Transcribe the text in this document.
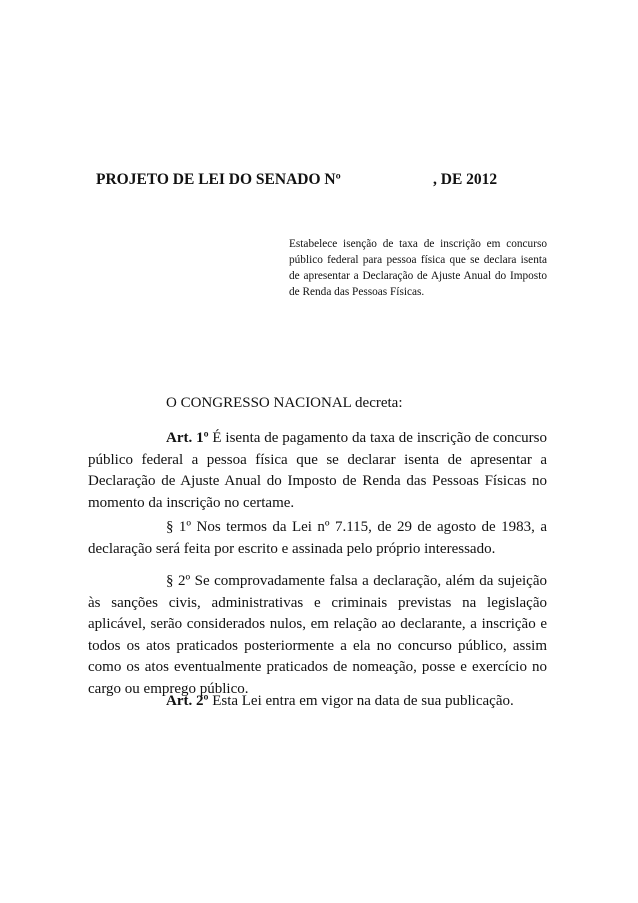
PROJETO DE LEI DO SENADO Nº	, DE 2012
Estabelece isenção de taxa de inscrição em concurso público federal para pessoa física que se declara isenta de apresentar a Declaração de Ajuste Anual do Imposto de Renda das Pessoas Físicas.

O CONGRESSO NACIONAL decreta:

Art. 1º É isenta de pagamento da taxa de inscrição de concurso público federal a pessoa física que se declarar isenta de apresentar a Declaração de Ajuste Anual do Imposto de Renda das Pessoas Físicas no momento da inscrição no certame.

§ 1º Nos termos da Lei nº 7.115, de 29 de agosto de 1983, a declaração será feita por escrito e assinada pelo próprio interessado.

§ 2º Se comprovadamente falsa a declaração, além da sujeição às sanções civis, administrativas e criminais previstas na legislação aplicável, serão considerados nulos, em relação ao declarante, a inscrição e todos os atos praticados posteriormente a ela no concurso público, assim como os atos eventualmente praticados de nomeação, posse e exercício no cargo ou emprego público.

Art. 2º Esta Lei entra em vigor na data de sua publicação.
